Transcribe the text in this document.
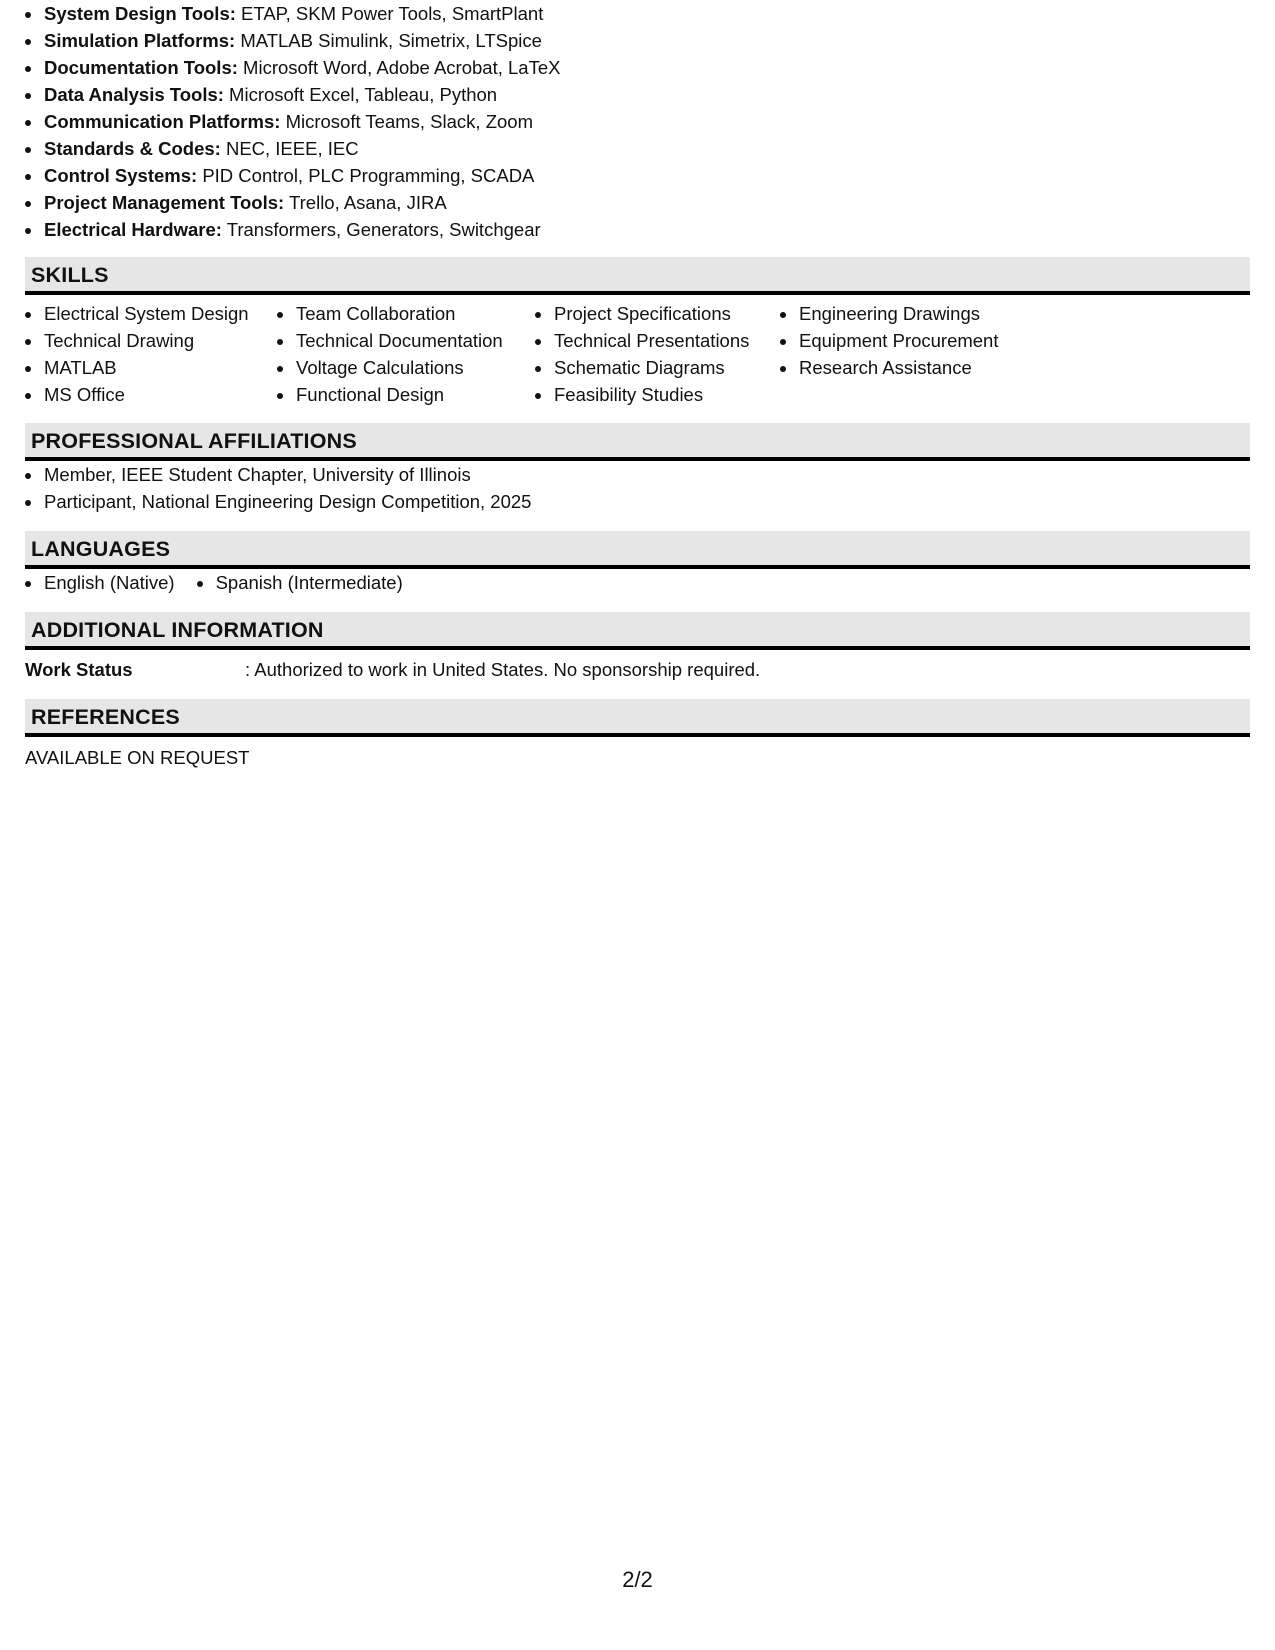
System Design Tools: ETAP, SKM Power Tools, SmartPlant
Simulation Platforms: MATLAB Simulink, Simetrix, LTSpice
Documentation Tools: Microsoft Word, Adobe Acrobat, LaTeX
Data Analysis Tools: Microsoft Excel, Tableau, Python
Communication Platforms: Microsoft Teams, Slack, Zoom
Standards & Codes: NEC, IEEE, IEC
Control Systems: PID Control, PLC Programming, SCADA
Project Management Tools: Trello, Asana, JIRA
Electrical Hardware: Transformers, Generators, Switchgear
SKILLS
Electrical System Design
Technical Drawing
MATLAB
MS Office
Team Collaboration
Technical Documentation
Voltage Calculations
Functional Design
Project Specifications
Technical Presentations
Schematic Diagrams
Feasibility Studies
Engineering Drawings
Equipment Procurement
Research Assistance
PROFESSIONAL AFFILIATIONS
Member, IEEE Student Chapter, University of Illinois
Participant, National Engineering Design Competition, 2025
LANGUAGES
English (Native)	Spanish (Intermediate)
ADDITIONAL INFORMATION
Work Status	: Authorized to work in United States. No sponsorship required.
REFERENCES
AVAILABLE ON REQUEST
2/2
